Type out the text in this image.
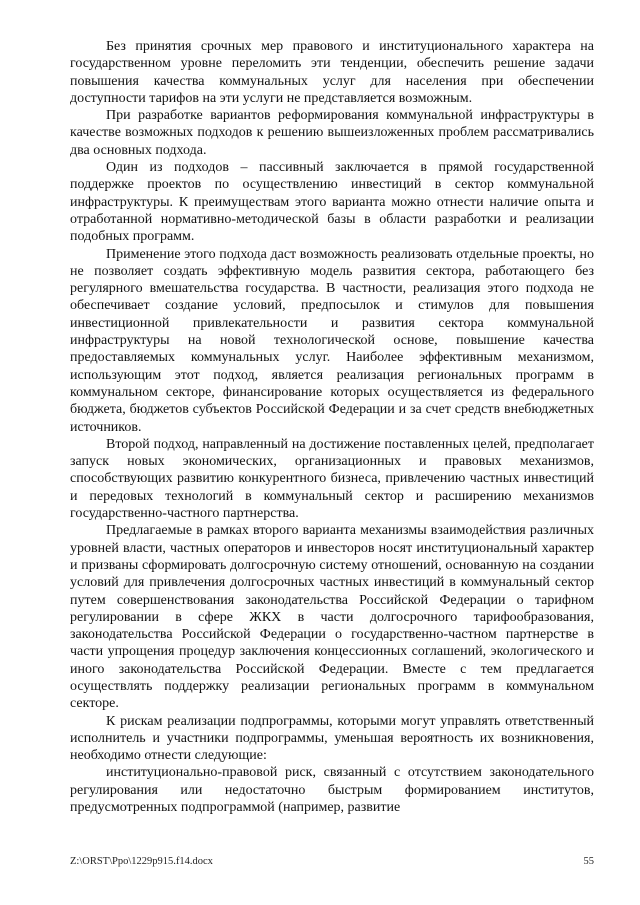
Без принятия срочных мер правового и институционального характера на государственном уровне переломить эти тенденции, обеспечить решение задачи повышения качества коммунальных услуг для населения при обеспечении доступности тарифов на эти услуги не представляется возможным.

При разработке вариантов реформирования коммунальной инфраструктуры в качестве возможных подходов к решению вышеизложенных проблем рассматривались два основных подхода.

Один из подходов – пассивный заключается в прямой государственной поддержке проектов по осуществлению инвестиций в сектор коммунальной инфраструктуры. К преимуществам этого варианта можно отнести наличие опыта и отработанной нормативно-методической базы в области разработки и реализации подобных программ.

Применение этого подхода даст возможность реализовать отдельные проекты, но не позволяет создать эффективную модель развития сектора, работающего без регулярного вмешательства государства. В частности, реализация этого подхода не обеспечивает создание условий, предпосылок и стимулов для повышения инвестиционной привлекательности и развития сектора коммунальной инфраструктуры на новой технологической основе, повышение качества предоставляемых коммунальных услуг. Наиболее эффективным механизмом, использующим этот подход, является реализация региональных программ в коммунальном секторе, финансирование которых осуществляется из федерального бюджета, бюджетов субъектов Российской Федерации и за счет средств внебюджетных источников.

Второй подход, направленный на достижение поставленных целей, предполагает запуск новых экономических, организационных и правовых механизмов, способствующих развитию конкурентного бизнеса, привлечению частных инвестиций и передовых технологий в коммунальный сектор и расширению механизмов государственно-частного партнерства.

Предлагаемые в рамках второго варианта механизмы взаимодействия различных уровней власти, частных операторов и инвесторов носят институциональный характер и призваны сформировать долгосрочную систему отношений, основанную на создании условий для привлечения долгосрочных частных инвестиций в коммунальный сектор путем совершенствования законодательства Российской Федерации о тарифном регулировании в сфере ЖКХ в части долгосрочного тарифообразования, законодательства Российской Федерации о государственно-частном партнерстве в части упрощения процедур заключения концессионных соглашений, экологического и иного законодательства Российской Федерации. Вместе с тем предлагается осуществлять поддержку реализации региональных программ в коммунальном секторе.

К рискам реализации подпрограммы, которыми могут управлять ответственный исполнитель и участники подпрограммы, уменьшая вероятность их возникновения, необходимо отнести следующие:

институционально-правовой риск, связанный с отсутствием законодательного регулирования или недостаточно быстрым формированием институтов, предусмотренных подпрограммой (например, развитие

Z:\ORST\Ppo\1229p915.f14.docx	55
